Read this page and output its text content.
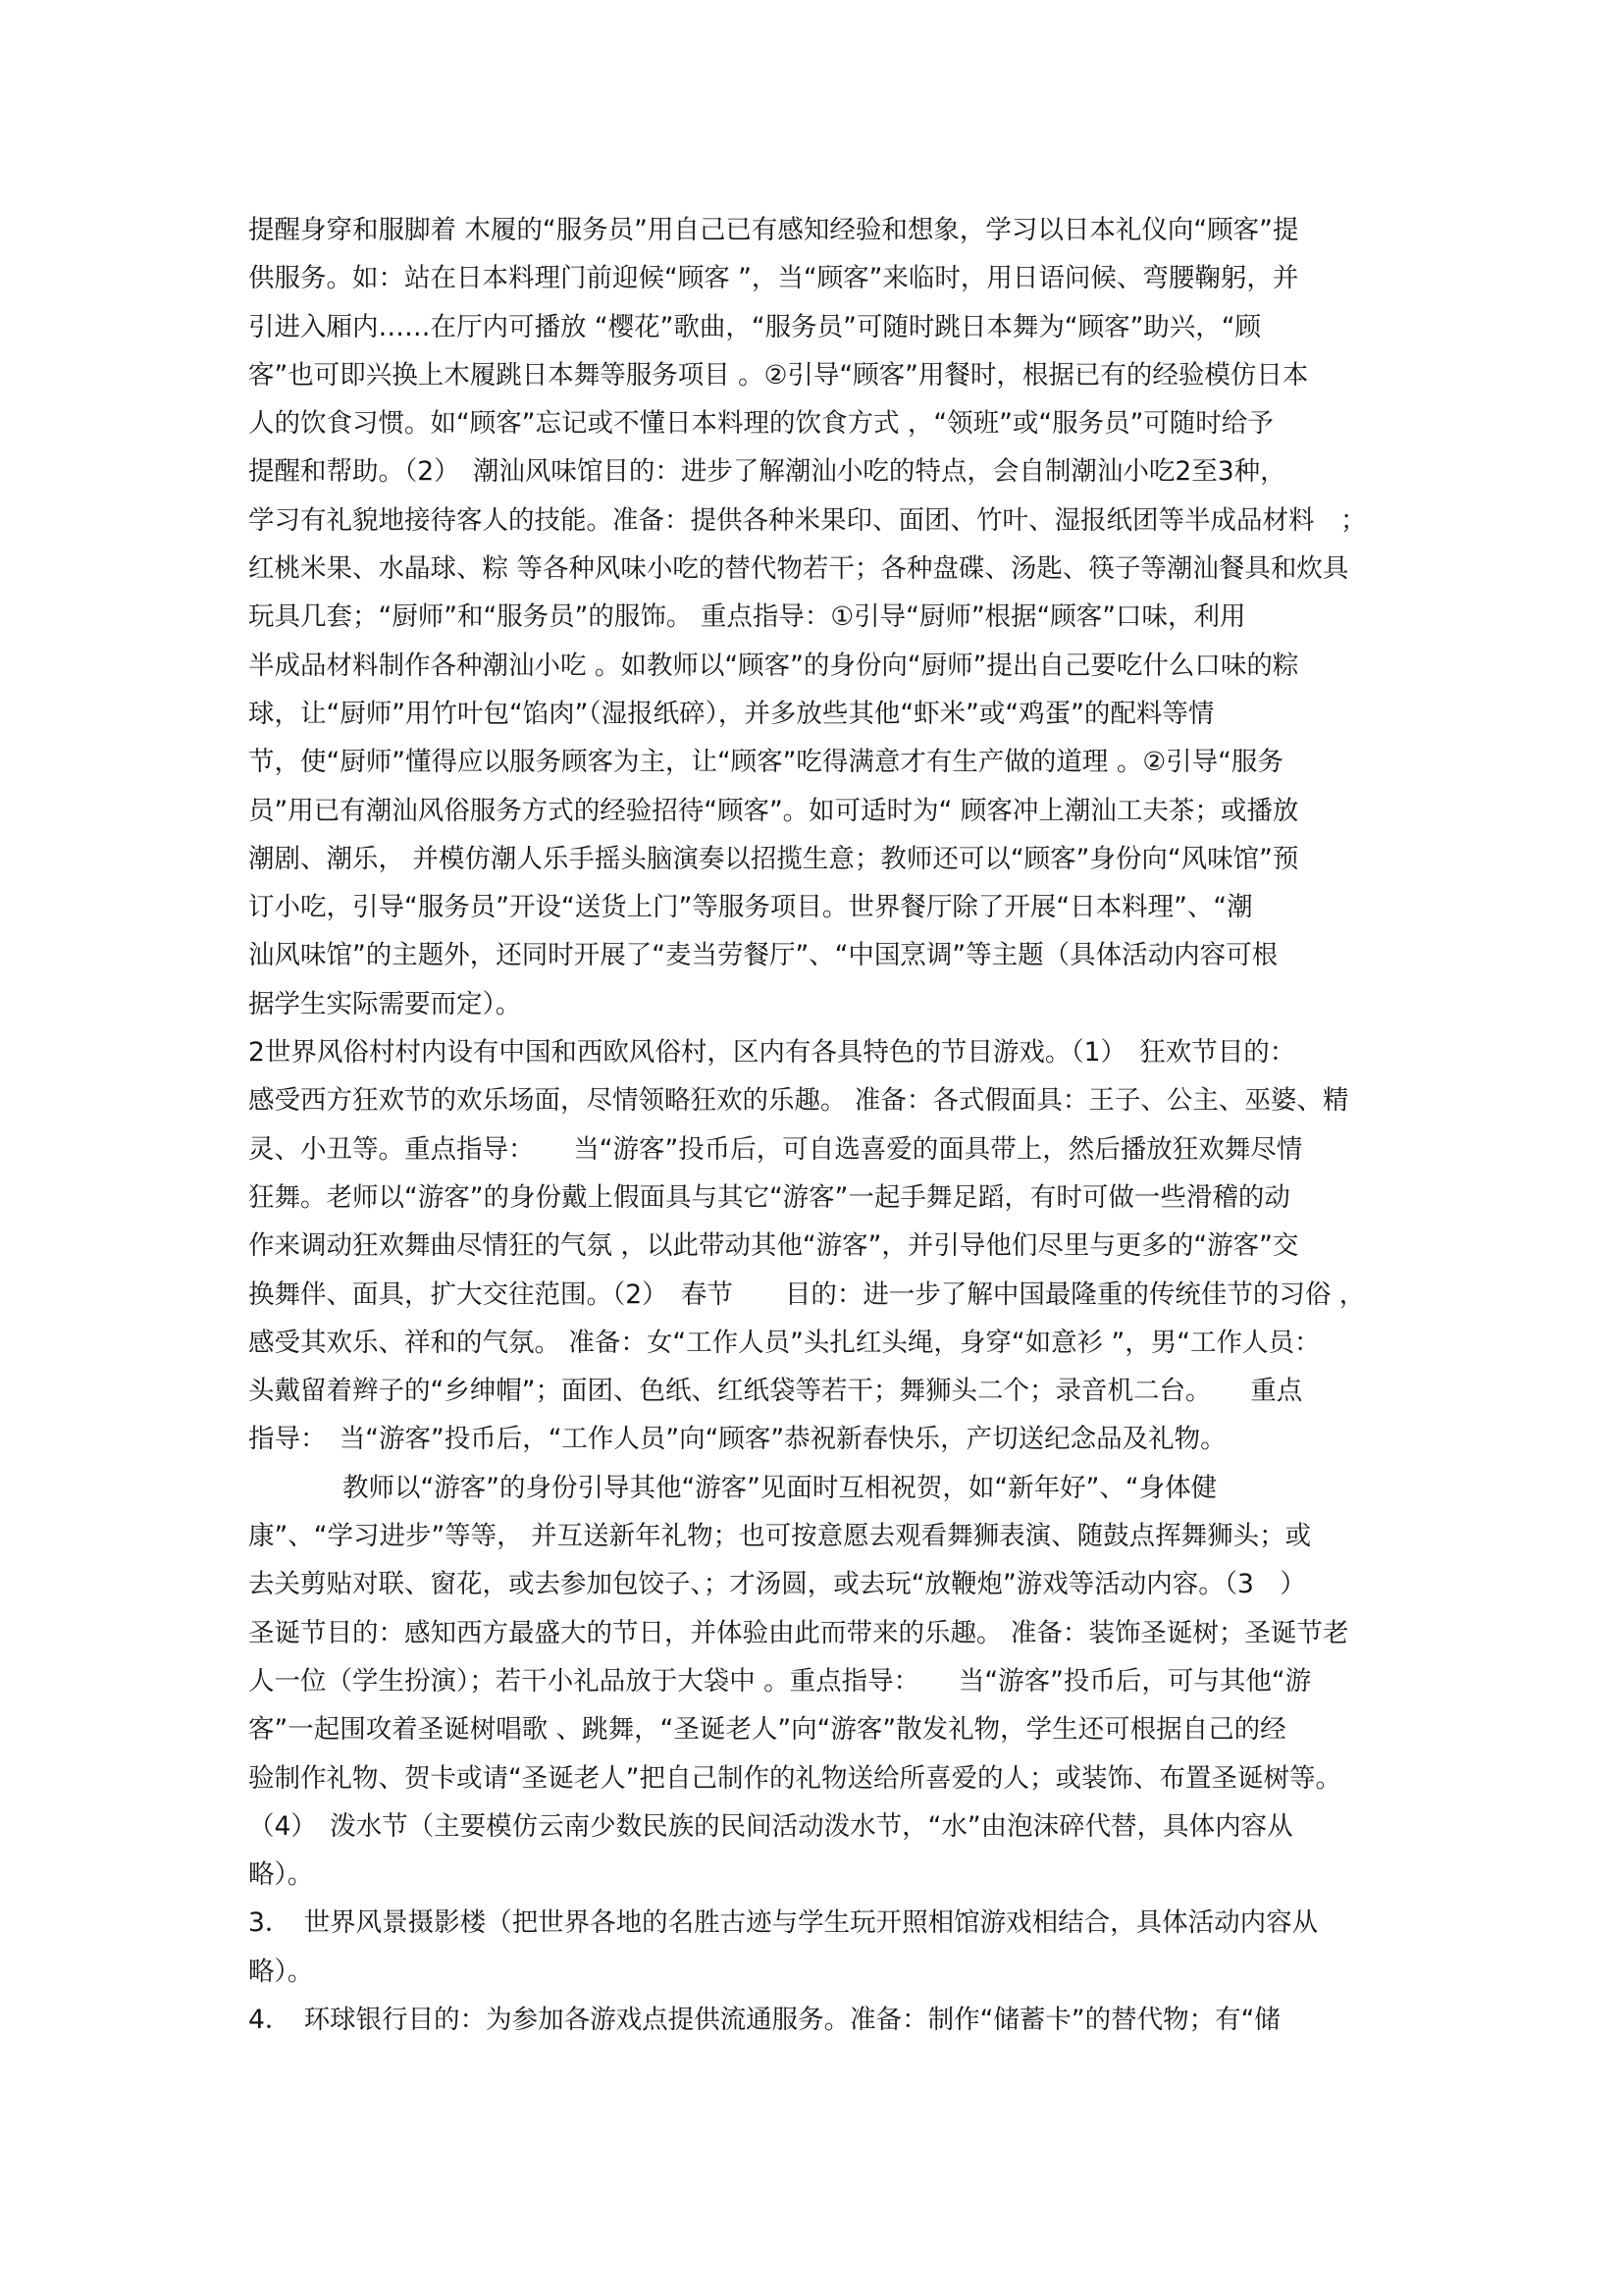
提醒身穿和服脚着 木履的“服务员”用自己已有感知经验和想象，学习以日本礼仪向“顾客”提
供服务。如：站在日本料理门前迎候“顾客 ”，当“顾客”来临时，用日语问候、弯腰鞠躬，并
引进入厢内……在厅内可播放 “樱花”歌曲，“服务员”可随时跳日本舞为“顾客”助兴，“顾
客”也可即兴换上木履跳日本舞等服务项目 。②引导“顾客”用餐时，根据已有的经验模仿日本
人的饮食习惯。如“顾客”忘记或不懂日本料理的饮食方式 ，“领班”或“服务员”可随时给予
提醒和帮助。（2）　潮汕风味馆目的：进步了解潮汕小吃的特点，会自制潮汕小吃2至3种，
学习有礼貌地接待客人的技能。准备：提供各种米果印、面团、竹叶、湿报纸团等半成品材料　；
红桃米果、水晶球、粽 等各种风味小吃的替代物若干；各种盘碟、汤匙、筷子等潮汕餐具和炊具
玩具几套；“厨师”和“服务员”的服饰。 重点指导：①引导“厨师”根据“顾客”口味，利用
半成品材料制作各种潮汕小吃 。如教师以“顾客”的身份向“厨师”提出自己要吃什么口味的粽
球，让“厨师”用竹叶包“馅肉”（湿报纸碎），并多放些其他“虾米”或“鸡蛋”的配料等情
节，使“厨师”懂得应以服务顾客为主，让“顾客”吃得满意才有生产做的道理 。②引导“服务
员”用已有潮汕风俗服务方式的经验招待“顾客”。如可适时为“ 顾客冲上潮汕工夫茶；或播放
潮剧、潮乐， 并模仿潮人乐手摇头脑演奏以招揽生意；教师还可以“顾客”身份向“风味馆”预
订小吃，引导“服务员”开设“送货上门”等服务项目。世界餐厅除了开展“日本料理”、“潮
汕风味馆”的主题外，还同时开展了“麦当劳餐厅”、“中国烹调”等主题（具体活动内容可根
据学生实际需要而定）。
2世界风俗村村内设有中国和西欧风俗村，区内有各具特色的节目游戏。（1）　狂欢节目的：
感受西方狂欢节的欢乐场面，尽情领略狂欢的乐趣。 准备：各式假面具：王子、公主、巫婆、精
灵、小丑等。重点指导：　　当“游客”投币后，可自选喜爱的面具带上，然后播放狂欢舞尽情
狂舞。老师以“游客”的身份戴上假面具与其它“游客”一起手舞足蹈，有时可做一些滑稽的动
作来调动狂欢舞曲尽情狂的气氛 ，以此带动其他“游客”，并引导他们尽里与更多的“游客”交
换舞伴、面具，扩大交往范围。（2）　春节　　目的：进一步了解中国最隆重的传统佳节的习俗 ，
感受其欢乐、祥和的气氛。 准备：女“工作人员”头扎红头绳，身穿“如意衫 ”，男“工作人员：
头戴留着辫子的“乡绅帽”；面团、色纸、红纸袋等若干；舞狮头二个；录音机二台。　　重点
指导：　当“游客”投币后，“工作人员”向“顾客”恭祝新春快乐，产切送纪念品及礼物。
教师以“游客”的身份引导其他“游客”见面时互相祝贺，如“新年好”、“身体健
康”、“学习进步”等等， 并互送新年礼物；也可按意愿去观看舞狮表演、随鼓点挥舞狮头；或
去关剪贴对联、窗花，或去参加包饺子、；才汤圆，或去玩“放鞭炮”游戏等活动内容。（3　）
圣诞节目的：感知西方最盛大的节日，并体验由此而带来的乐趣。 准备：装饰圣诞树；圣诞节老
人一位（学生扮演）；若干小礼品放于大袋中 。重点指导：　　当“游客”投币后，可与其他“游
客”一起围攻着圣诞树唱歌 、跳舞，“圣诞老人”向“游客”散发礼物，学生还可根据自己的经
验制作礼物、贺卡或请“圣诞老人”把自己制作的礼物送给所喜爱的人；或装饰、布置圣诞树等。
（4）　泼水节（主要模仿云南少数民族的民间活动泼水节，“水”由泡沫碎代替，具体内容从
略）。
3．　世界风景摄影楼（把世界各地的名胜古迹与学生玩开照相馆游戏相结合，具体活动内容从
略）。
4．　环球银行目的：为参加各游戏点提供流通服务。准备：制作“储蓄卡”的替代物；有“储
